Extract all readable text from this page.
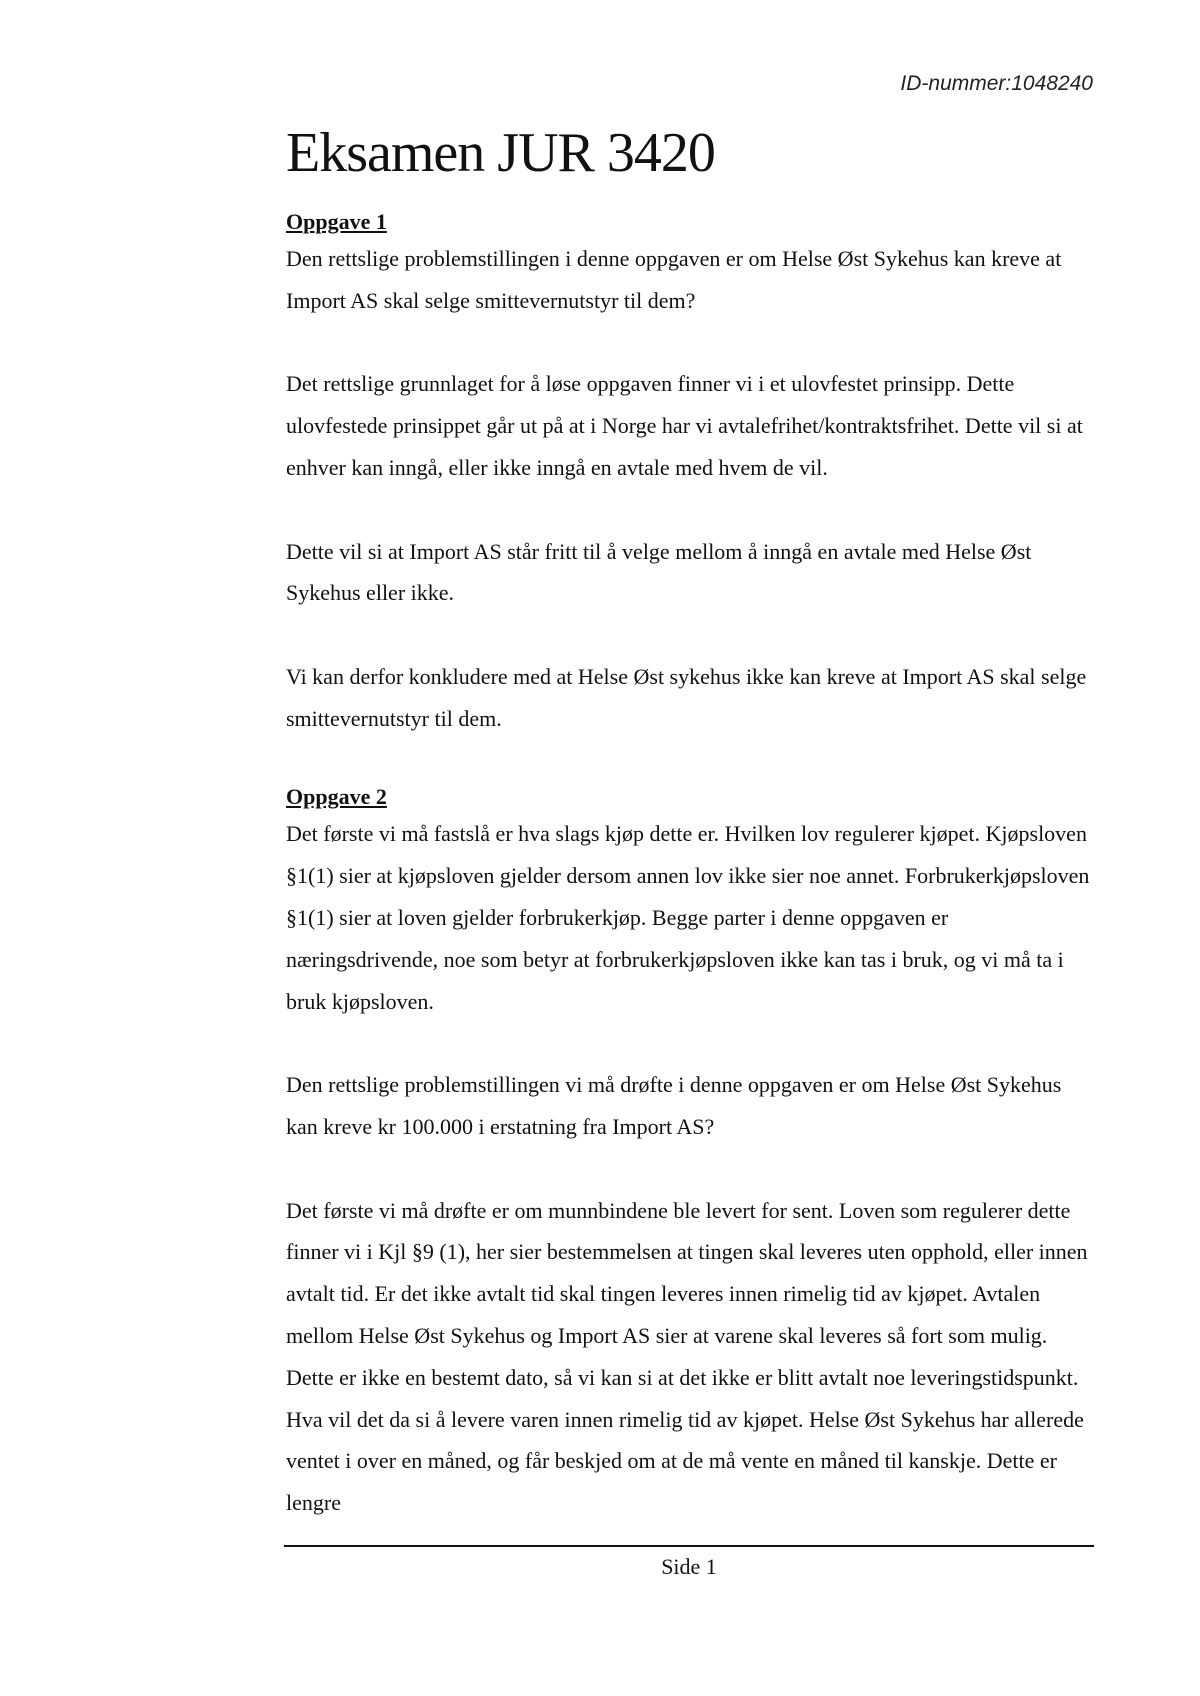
ID-nummer:1048240
Eksamen JUR 3420

Oppgave 1

Den rettslige problemstillingen i denne oppgaven er om Helse Øst Sykehus kan kreve at Import AS skal selge smittevernutstyr til dem?

Det rettslige grunnlaget for å løse oppgaven finner vi i et ulovfestet prinsipp. Dette ulovfestede prinsippet går ut på at i Norge har vi avtalefrihet/kontraktsfrihet. Dette vil si at enhver kan inngå, eller ikke inngå en avtale med hvem de vil.

Dette vil si at Import AS står fritt til å velge mellom å inngå en avtale med Helse Øst Sykehus eller ikke.

Vi kan derfor konkludere med at Helse Øst sykehus ikke kan kreve at Import AS skal selge smittevernutstyr til dem.

Oppgave 2

Det første vi må fastslå er hva slags kjøp dette er. Hvilken lov regulerer kjøpet. Kjøpsloven §1(1) sier at kjøpsloven gjelder dersom annen lov ikke sier noe annet. Forbrukerkjøpsloven §1(1) sier at loven gjelder forbrukerkjøp. Begge parter i denne oppgaven er næringsdrivende, noe som betyr at forbrukerkjøpsloven ikke kan tas i bruk, og vi må ta i bruk kjøpsloven.

Den rettslige problemstillingen vi må drøfte i denne oppgaven er om Helse Øst Sykehus kan kreve kr 100.000 i erstatning fra Import AS?

Det første vi må drøfte er om munnbindene ble levert for sent. Loven som regulerer dette finner vi i Kjl §9 (1), her sier bestemmelsen at tingen skal leveres uten opphold, eller innen avtalt tid. Er det ikke avtalt tid skal tingen leveres innen rimelig tid av kjøpet. Avtalen mellom Helse Øst Sykehus og Import AS sier at varene skal leveres så fort som mulig. Dette er ikke en bestemt dato, så vi kan si at det ikke er blitt avtalt noe leveringstidspunkt. Hva vil det da si å levere varen innen rimelig tid av kjøpet. Helse Øst Sykehus har allerede ventet i over en måned, og får beskjed om at de må vente en måned til kanskje. Dette er lengre

Side 1
